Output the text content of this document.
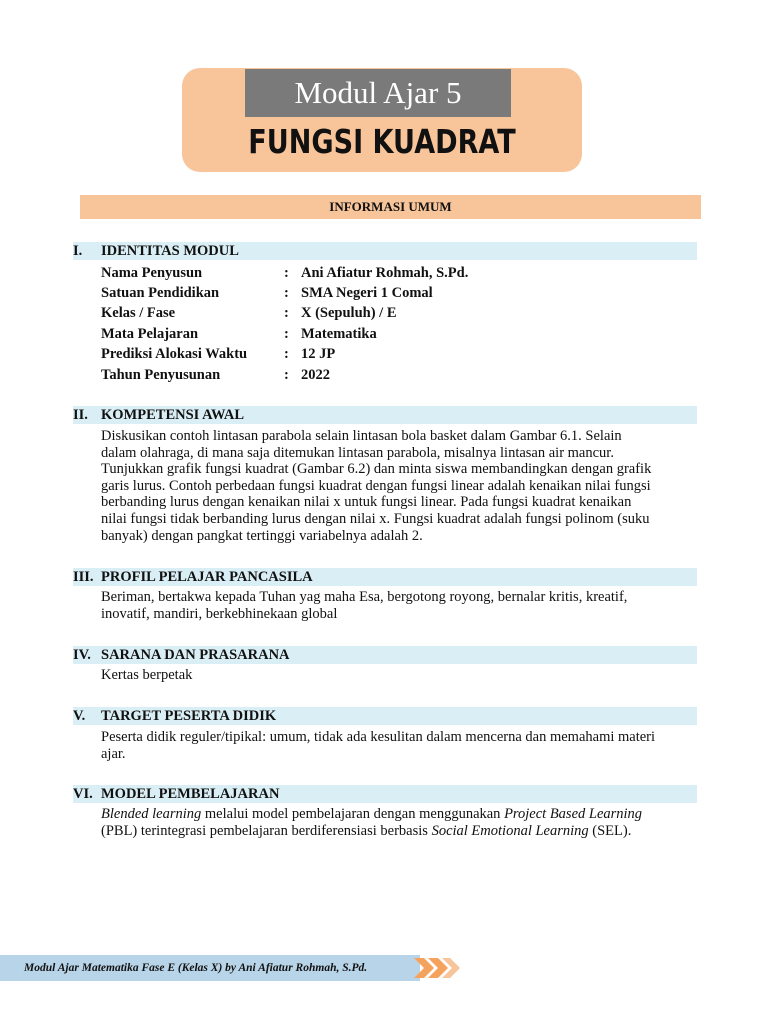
Modul Ajar 5
FUNGSI KUADRAT
INFORMASI UMUM
I. IDENTITAS MODUL
Nama Penyusun	: Ani Afiatur Rohmah, S.Pd.
Satuan Pendidikan	: SMA Negeri 1 Comal
Kelas / Fase	: X (Sepuluh) / E
Mata Pelajaran	: Matematika
Prediksi Alokasi Waktu	: 12 JP
Tahun Penyusunan	: 2022
II. KOMPETENSI AWAL
Diskusikan contoh lintasan parabola selain lintasan bola basket dalam Gambar 6.1. Selain
dalam olahraga, di mana saja ditemukan lintasan parabola, misalnya lintasan air mancur.
Tunjukkan grafik fungsi kuadrat (Gambar 6.2) dan minta siswa membandingkan dengan grafik
garis lurus. Contoh perbedaan fungsi kuadrat dengan fungsi linear adalah kenaikan nilai fungsi
berbanding lurus dengan kenaikan nilai x untuk fungsi linear. Pada fungsi kuadrat kenaikan
nilai fungsi tidak berbanding lurus dengan nilai x. Fungsi kuadrat adalah fungsi polinom (suku
banyak) dengan pangkat tertinggi variabelnya adalah 2.
III. PROFIL PELAJAR PANCASILA
Beriman, bertakwa kepada Tuhan yag maha Esa, bergotong royong, bernalar kritis, kreatif,
inovatif, mandiri, berkebhinekaan global
IV. SARANA DAN PRASARANA
Kertas berpetak
V. TARGET PESERTA DIDIK
Peserta didik reguler/tipikal: umum, tidak ada kesulitan dalam mencerna dan memahami materi
ajar.
VI. MODEL PEMBELAJARAN
Blended learning melalui model pembelajaran dengan menggunakan Project Based Learning
(PBL) terintegrasi pembelajaran berdiferensiasi berbasis Social Emotional Learning (SEL).
Modul Ajar Matematika Fase E (Kelas X) by Ani Afiatur Rohmah, S.Pd.
